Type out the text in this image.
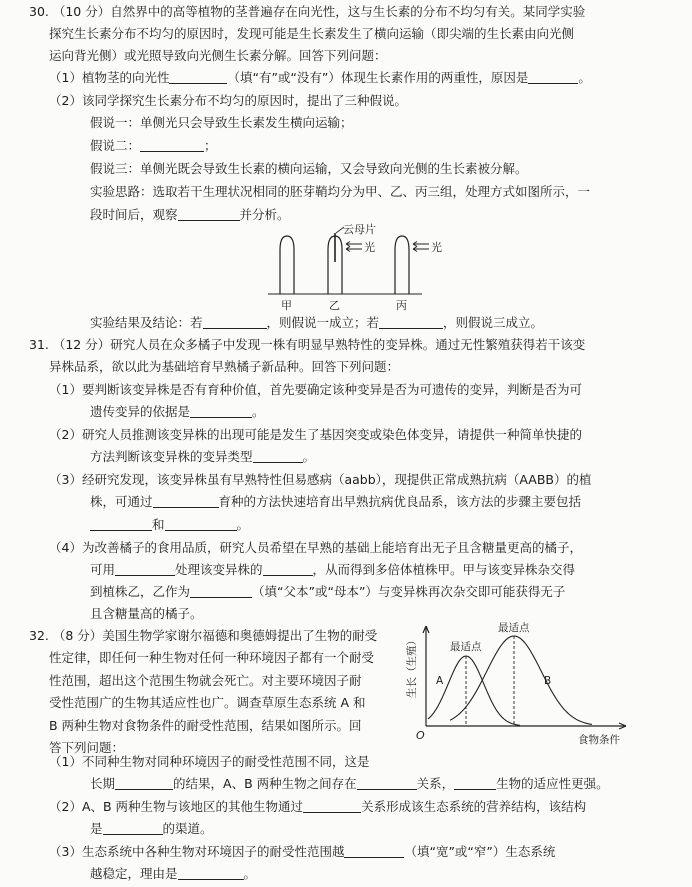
30. （10 分）自然界中的高等植物的茎普遍存在向光性，这与生长素的分布不均匀有关。某同学实验
探究生长素分布不均匀的原因时，发现可能是生长素发生了横向运输（即尖端的生长素由向光侧
运向背光侧）或光照导致向光侧生长素分解。回答下列问题：
（1）植物茎的向光性	（填“有”或“没有”）体现生长素作用的两重性，原因是	。
（2）该同学探究生长素分布不均匀的原因时，提出了三种假说。
假说一：单侧光只会导致生长素发生横向运输；
假说二：	；
假说三：单侧光既会导致生长素的横向运输，又会导致向光侧的生长素被分解。
实验思路：选取若干生理状况相同的胚芽鞘均分为甲、乙、丙三组，处理方式如图所示，一
段时间后，观察	并分析。
云母片
光	光
甲	乙	丙
实验结果及结论：若	，则假说一成立；若	，则假说三成立。
31. （12 分）研究人员在众多橘子中发现一株有明显早熟特性的变异株。通过无性繁殖获得若干该变
异株品系，欲以此为基础培育早熟橘子新品种。回答下列问题：
（1）要判断该变异株是否有育种价值，首先要确定该种变异是否为可遗传的变异，判断是否为可
遗传变异的依据是	。
（2）研究人员推测该变异株的出现可能是发生了基因突变或染色体变异，请提供一种简单快捷的
方法判断该变异株的变异类型	。
（3）经研究发现，该变异株虽有早熟特性但易感病（aabb），现提供正常成熟抗病（AABB）的植
株，可通过	育种的方法快速培育出早熟抗病优良品系，该方法的步骤主要包括
和	。
（4）为改善橘子的食用品质，研究人员希望在早熟的基础上能培育出无子且含糖量更高的橘子，
可用	处理该变异株的	，从而得到多倍体植株甲。甲与该变异株杂交得
到植株乙，乙作为	（填“父本”或“母本”）与变异株再次杂交即可能获得无子
且含糖量高的橘子。
32. （8 分）美国生物学家谢尔福德和奥德姆提出了生物的耐受
性定律，即任何一种生物对任何一种环境因子都有一个耐受
性范围，超出这个范围生物就会死亡。对主要环境因子耐
受性范围广的生物其适应性也广。调查草原生态系统 A 和
B 两种生物对食物条件的耐受性范围，结果如图所示。回
答下列问题：
生长（生殖）
O	食物条件
A
最适点
B
最适点
（1）不同种生物对同种环境因子的耐受性范围不同，这是
长期	的结果，A、B 两种生物之间存在	关系，	生物的适应性更强。
（2）A、B 两种生物与该地区的其他生物通过	关系形成该生态系统的营养结构，该结构
是	的渠道。
（3）生态系统中各种生物对环境因子的耐受性范围越	（填“宽”或“窄”）生态系统
越稳定，理由是	。
